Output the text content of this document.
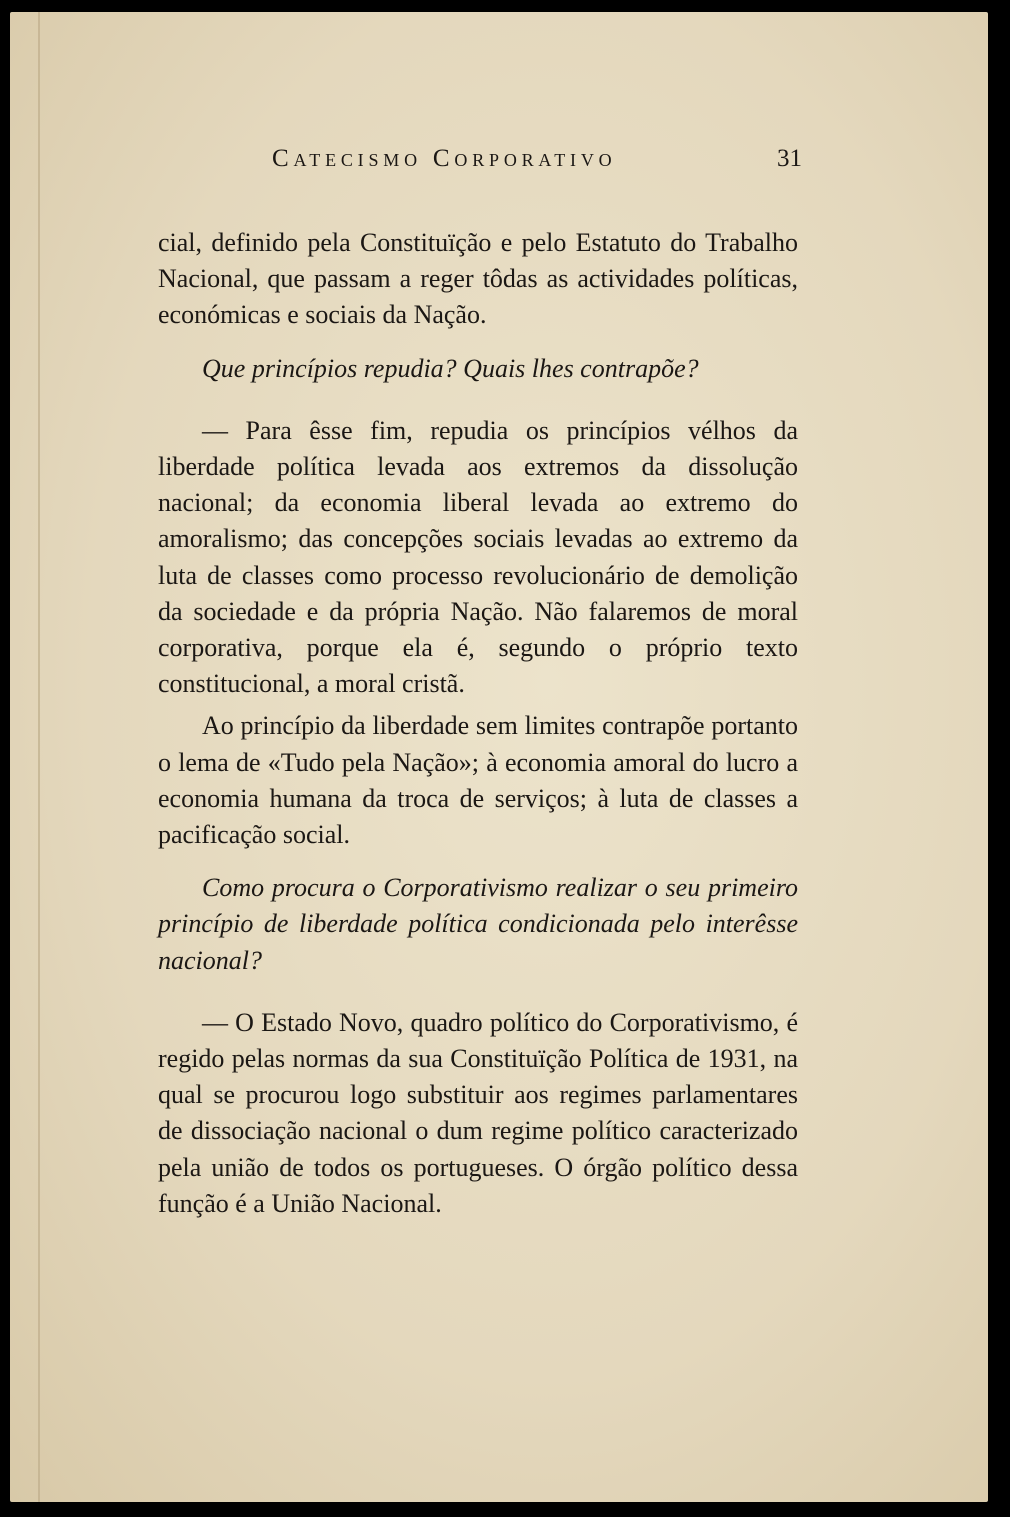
Catecismo Corporativo	31

cial, definido pela Constituïção e pelo Estatuto do Trabalho Nacional, que passam a reger tôdas as actividades políticas, económicas e sociais da Nação.

Que princípios repudia? Quais lhes contrapõe?

— Para êsse fim, repudia os princípios vélhos da liberdade política levada aos extremos da dissolução nacional; da economia liberal levada ao extremo do amoralismo; das concepções sociais levadas ao extremo da luta de classes como processo revolucionário de demolição da sociedade e da própria Nação. Não falaremos de moral corporativa, porque ela é, segundo o próprio texto constitucional, a moral cristã.

Ao princípio da liberdade sem limites contrapõe portanto o lema de «Tudo pela Nação»; à economia amoral do lucro a economia humana da troca de serviços; à luta de classes a pacificação social.

Como procura o Corporativismo realizar o seu primeiro princípio de liberdade política condicionada pelo interêsse nacional?

— O Estado Novo, quadro político do Corporativismo, é regido pelas normas da sua Constituïção Política de 1931, na qual se procurou logo substituir aos regimes parlamentares de dissociação nacional o dum regime político caracterizado pela união de todos os portugueses. O órgão político dessa função é a União Nacional.
